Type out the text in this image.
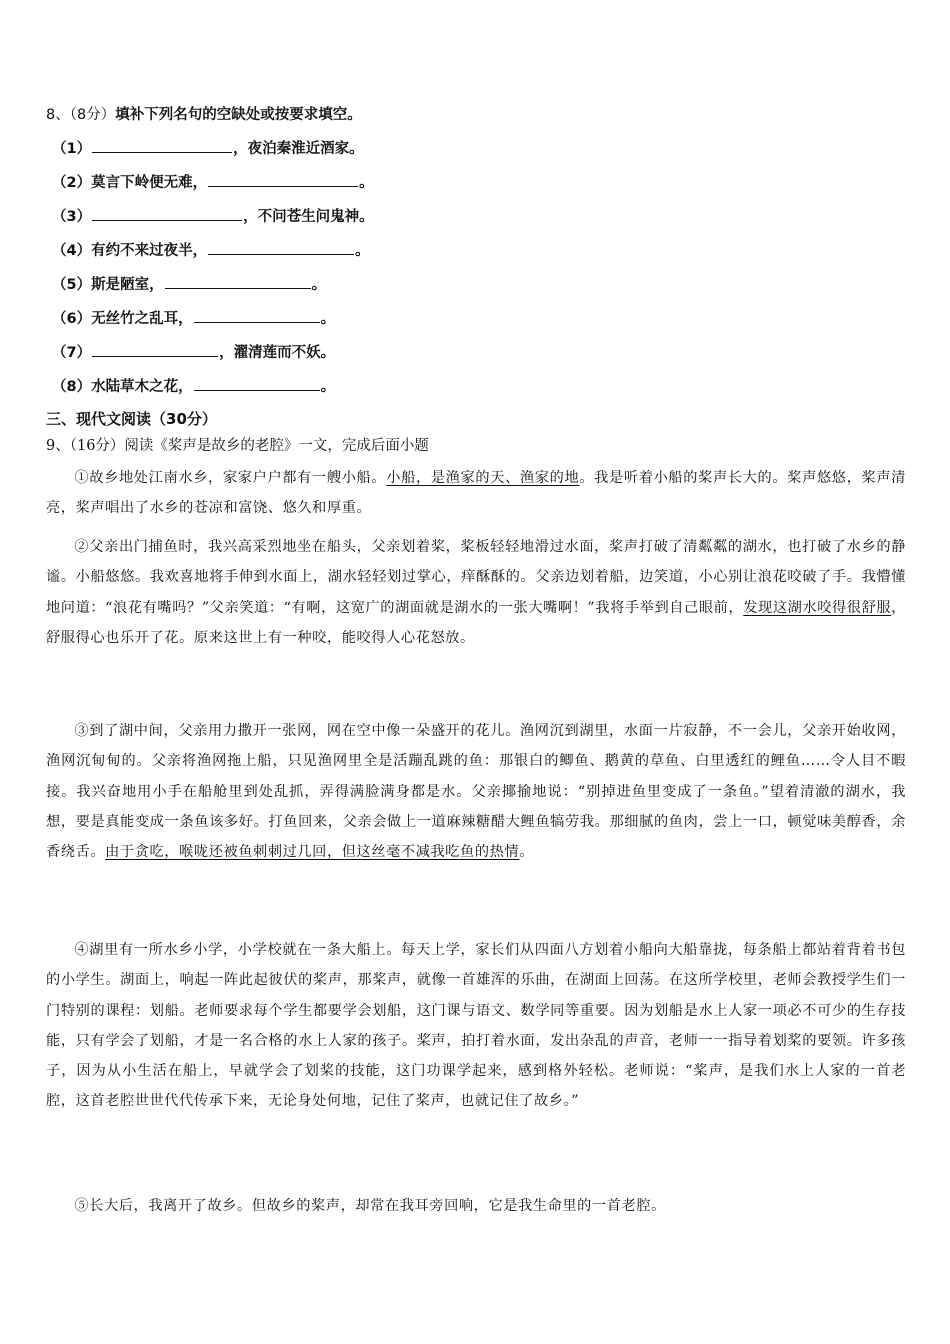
8、（8分）填补下列名句的空缺处或按要求填空。
（1）	，夜泊秦淮近酒家。
（2）莫言下岭便无难，	。
（3）	，不问苍生问鬼神。
（4）有约不来过夜半，	。
（5）斯是陋室，	。
（6）无丝竹之乱耳，	。
（7）	，濯清莲而不妖。
（8）水陆草木之花，	。
三、现代文阅读（30分）
9、（16分）阅读《桨声是故乡的老腔》一文，完成后面小题
①故乡地处江南水乡，家家户户都有一艘小船。小船，是渔家的天、渔家的地。我是听着小船的桨声长大的。桨声悠悠，桨声清亮，桨声唱出了水乡的苍凉和富饶、悠久和厚重。
②父亲出门捕鱼时，我兴高采烈地坐在船头，父亲划着桨，桨板轻轻地滑过水面，桨声打破了清粼粼的湖水，也打破了水乡的静谧。小船悠悠。我欢喜地将手伸到水面上，湖水轻轻划过掌心，痒酥酥的。父亲边划着船，边笑道，小心别让浪花咬破了手。我懵懂地问道：“浪花有嘴吗？”父亲笑道：“有啊，这宽广的湖面就是湖水的一张大嘴啊！”我将手举到自己眼前，发现这湖水咬得很舒服，舒服得心也乐开了花。原来这世上有一种咬，能咬得人心花怒放。
③到了湖中间，父亲用力撒开一张网，网在空中像一朵盛开的花儿。渔网沉到湖里，水面一片寂静，不一会儿，父亲开始收网，渔网沉甸甸的。父亲将渔网拖上船，只见渔网里全是活蹦乱跳的鱼：那银白的鲫鱼、鹅黄的草鱼、白里透红的鲤鱼……令人目不暇接。我兴奋地用小手在船舱里到处乱抓，弄得满脸满身都是水。父亲揶揄地说：“别掉进鱼里变成了一条鱼。”望着清澈的湖水，我想，要是真能变成一条鱼该多好。打鱼回来，父亲会做上一道麻辣糖醋大鲤鱼犒劳我。那细腻的鱼肉，尝上一口，顿觉味美醇香，余香绕舌。由于贪吃，喉咙还被鱼刺刺过几回，但这丝毫不减我吃鱼的热情。
④湖里有一所水乡小学，小学校就在一条大船上。每天上学，家长们从四面八方划着小船向大船靠拢，每条船上都站着背着书包的小学生。湖面上，响起一阵此起彼伏的桨声，那桨声，就像一首雄浑的乐曲，在湖面上回荡。在这所学校里，老师会教授学生们一门特别的课程：划船。老师要求每个学生都要学会划船，这门课与语文、数学同等重要。因为划船是水上人家一项必不可少的生存技能，只有学会了划船，才是一名合格的水上人家的孩子。桨声，拍打着水面，发出杂乱的声音，老师一一指导着划桨的要领。许多孩子，因为从小生活在船上，早就学会了划桨的技能，这门功课学起来，感到格外轻松。老师说：“桨声，是我们水上人家的一首老腔，这首老腔世世代代传承下来，无论身处何地，记住了桨声，也就记住了故乡。”
⑤长大后，我离开了故乡。但故乡的桨声，却常在我耳旁回响，它是我生命里的一首老腔。
